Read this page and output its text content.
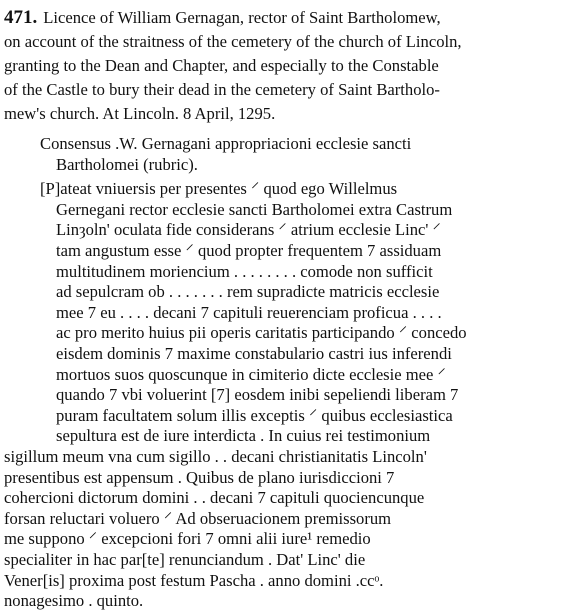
471. Licence of William Gernagan, rector of Saint Bartholomew,
on account of the straitness of the cemetery of the church of Lincoln,
granting to the Dean and Chapter, and especially to the Constable
of the Castle to bury their dead in the cemetery of Saint Bartholo-
mew's church. At Lincoln. 8 April, 1295.
Consensus .W. Gernagani appropriacioni ecclesie sancti
Bartholomei (rubric).
[P]ateat vniuersis per presentes ⸍ quod ego Willelmus
Gernegani rector ecclesie sancti Bartholomei extra Castrum
Linȝoln' oculata fide considerans ⸍ atrium ecclesie Linc' ⸍
tam angustum esse ⸍ quod propter frequentem 7 assiduam
multitudinem moriencium . . . . . . . . comode non sufficit
ad sepulcram ob . . . . . . . rem supradicte matricis ecclesie
mee 7 eu . . . . decani 7 capituli reuerenciam proficua . . . .
ac pro merito huius pii operis caritatis participando ⸍ concedo
eisdem dominis 7 maxime constabulario castri ius inferendi
mortuos suos quoscunque in cimiterio dicte ecclesie mee ⸍
quando 7 vbi voluerint [7] eosdem inibi sepeliendi liberam 7
puram facultatem solum illis exceptis ⸍ quibus ecclesiastica
sepultura est de iure interdicta . In cuius rei testimonium
sigillum meum vna cum sigillo . . decani christianitatis Lincoln'
presentibus est appensum . Quibus de plano iurisdiccioni 7
cohercioni dictorum domini . . decani 7 capituli quociencunque
forsan reluctari voluero ⸍ Ad obseruacionem premissorum
me suppono ⸍ excepcioni fori 7 omni alii iure¹ remedio
specialiter in hac par[te] renunciandum . Dat' Linc' die
Vener[is] proxima post festum Pascha . anno domini .ccᵒ.
nonagesimo . quinto.
